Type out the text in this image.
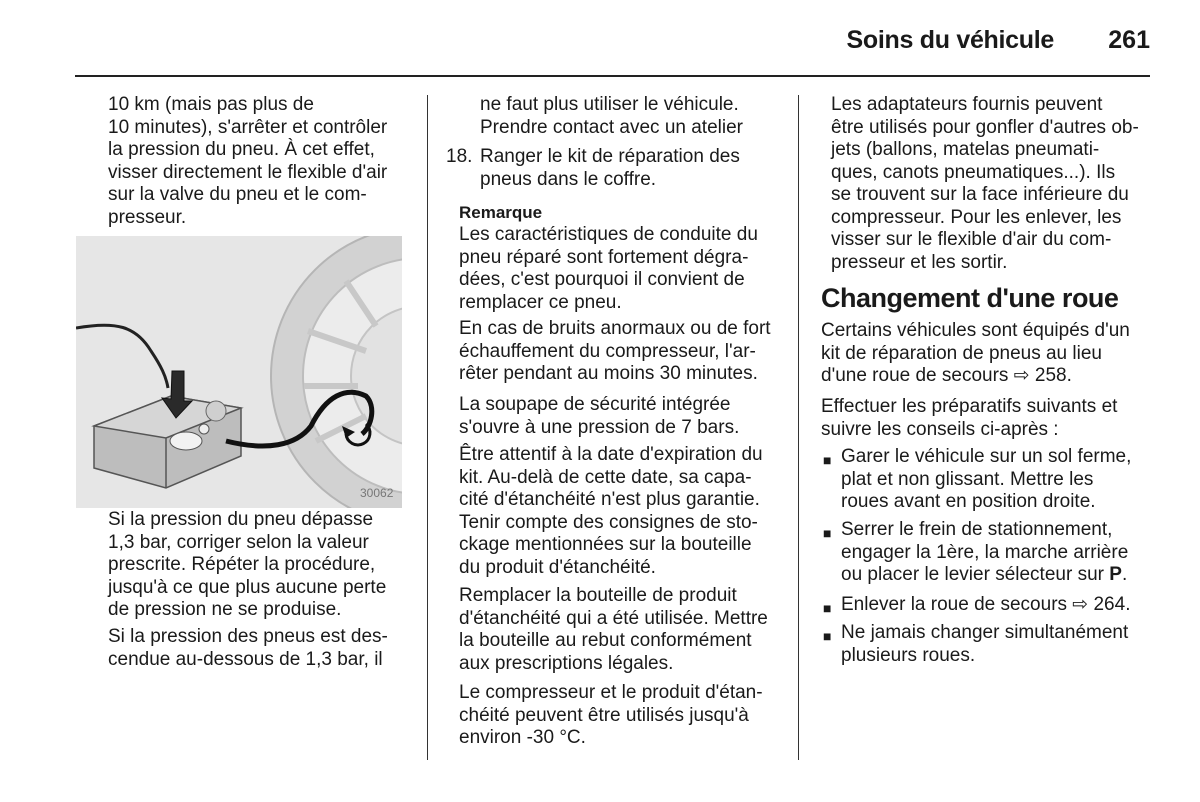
Soins du véhicule	261
10 km (mais pas plus de
10 minutes), s'arrêter et contrôler
la pression du pneu. À cet effet,
visser directement le flexible d'air
sur la valve du pneu et le com-
presseur.
30062
Si la pression du pneu dépasse
1,3 bar, corriger selon la valeur
prescrite. Répéter la procédure,
jusqu'à ce que plus aucune perte
de pression ne se produise.
Si la pression des pneus est des-
cendue au-dessous de 1,3 bar, il
ne faut plus utiliser le véhicule.
Prendre contact avec un atelier
18. Ranger le kit de réparation des
pneus dans le coffre.
Remarque
Les caractéristiques de conduite du
pneu réparé sont fortement dégra-
dées, c'est pourquoi il convient de
remplacer ce pneu.
En cas de bruits anormaux ou de fort
échauffement du compresseur, l'ar-
rêter pendant au moins 30 minutes.
La soupape de sécurité intégrée
s'ouvre à une pression de 7 bars.
Être attentif à la date d'expiration du
kit. Au-delà de cette date, sa capa-
cité d'étanchéité n'est plus garantie.
Tenir compte des consignes de sto-
ckage mentionnées sur la bouteille
du produit d'étanchéité.
Remplacer la bouteille de produit
d'étanchéité qui a été utilisée. Mettre
la bouteille au rebut conformément
aux prescriptions légales.
Le compresseur et le produit d'étan-
chéité peuvent être utilisés jusqu'à
environ -30 °C.
Les adaptateurs fournis peuvent
être utilisés pour gonfler d'autres ob-
jets (ballons, matelas pneumati-
ques, canots pneumatiques...). Ils
se trouvent sur la face inférieure du
compresseur. Pour les enlever, les
visser sur le flexible d'air du com-
presseur et les sortir.
Changement d'une roue
Certains véhicules sont équipés d'un
kit de réparation de pneus au lieu
d'une roue de secours ⇨ 258.
Effectuer les préparatifs suivants et
suivre les conseils ci-après :
■ Garer le véhicule sur un sol ferme,
plat et non glissant. Mettre les
roues avant en position droite.
■ Serrer le frein de stationnement,
engager la 1ère, la marche arrière
ou placer le levier sélecteur sur P.
■ Enlever la roue de secours ⇨ 264.
■ Ne jamais changer simultanément
plusieurs roues.
